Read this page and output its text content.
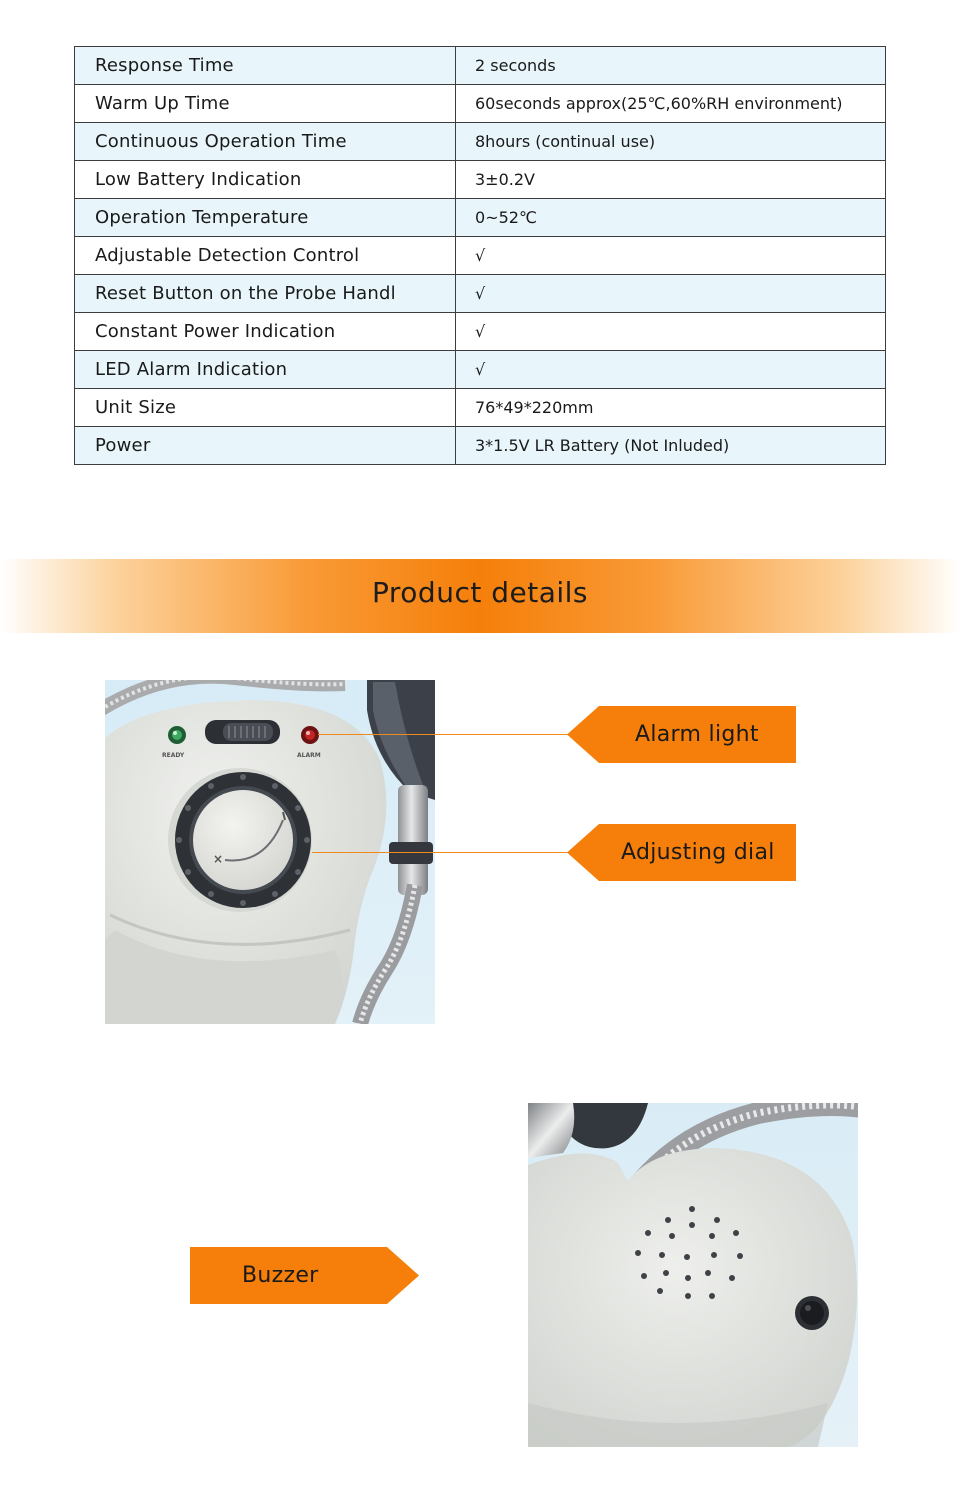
Response Time	2 seconds
Warm Up Time	60seconds approx(25℃,60%RH environment)
Continuous Operation Time	8hours (continual use)
Low Battery Indication	3±0.2V
Operation Temperature	0~52℃
Adjustable Detection Control	√
Reset Button on the Probe Handl	√
Constant Power Indication	√
LED Alarm Indication	√
Unit Size	76*49*220mm
Power	3*1.5V LR Battery (Not Inluded)
Product details
READY	ALARM
×
Alarm light
Adjusting dial
Buzzer
